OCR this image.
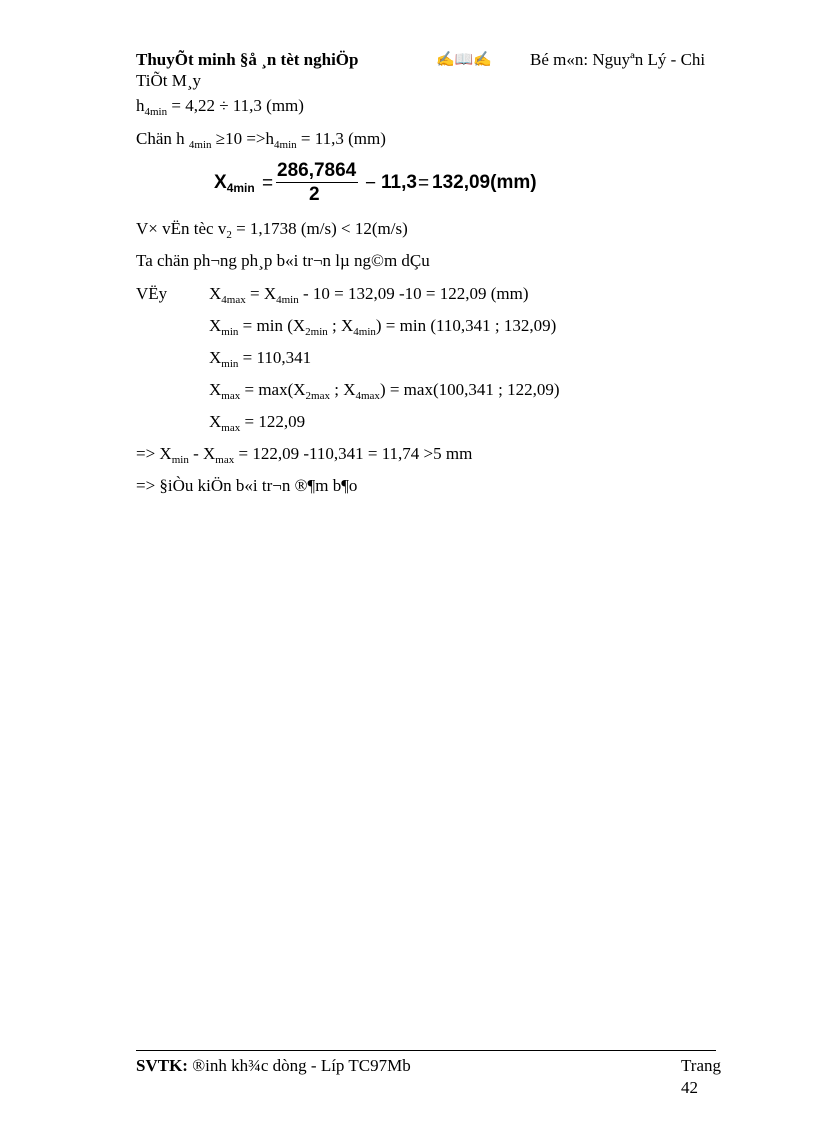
ThuyÕt minh §å ¸n tèt nghiÖp	✍📖✍ Bé m«n: Nguyªn Lý - Chi
TiÕt M¸y
$h_{4min} = 4,22 \div 11,3$ (mm)
Chän h $_{4min} \ge 10 =>h_{4min} = 11,3$ (mm)
$X_{4min}$ =
286,7864
2
− 11,3 = 132,09(mm)
V× vËn tèc $v_2 = 1,1738$ (m/s) < 12(m/s)
Ta chän ph¬ng ph¸p b«i tr¬n lµ ng©m dÇu
VËy $X_{4max} = X_{4min} - 10 = 132,09$ -10 = 122,09 (mm)
$X_{min} = \min (X_{2min}$ ; $X_{4min}) = \min (110,341$ ; 132,09)
$X_{min} = 110,341$
$X_{max} = \max(X_{2max}$ ; $X_{4max}) = \max(100,341$ ; 122,09)
$X_{max} = 122,09$
=> $X_{min} - X_{max} = 122,09$ -110,341 = 11,74 >5 mm
=> §iÒu kiÖn b«i tr¬n ®¶m b¶o
SVTK: ®inh kh¾c dòng - Líp TC97Mb	Trang
42
